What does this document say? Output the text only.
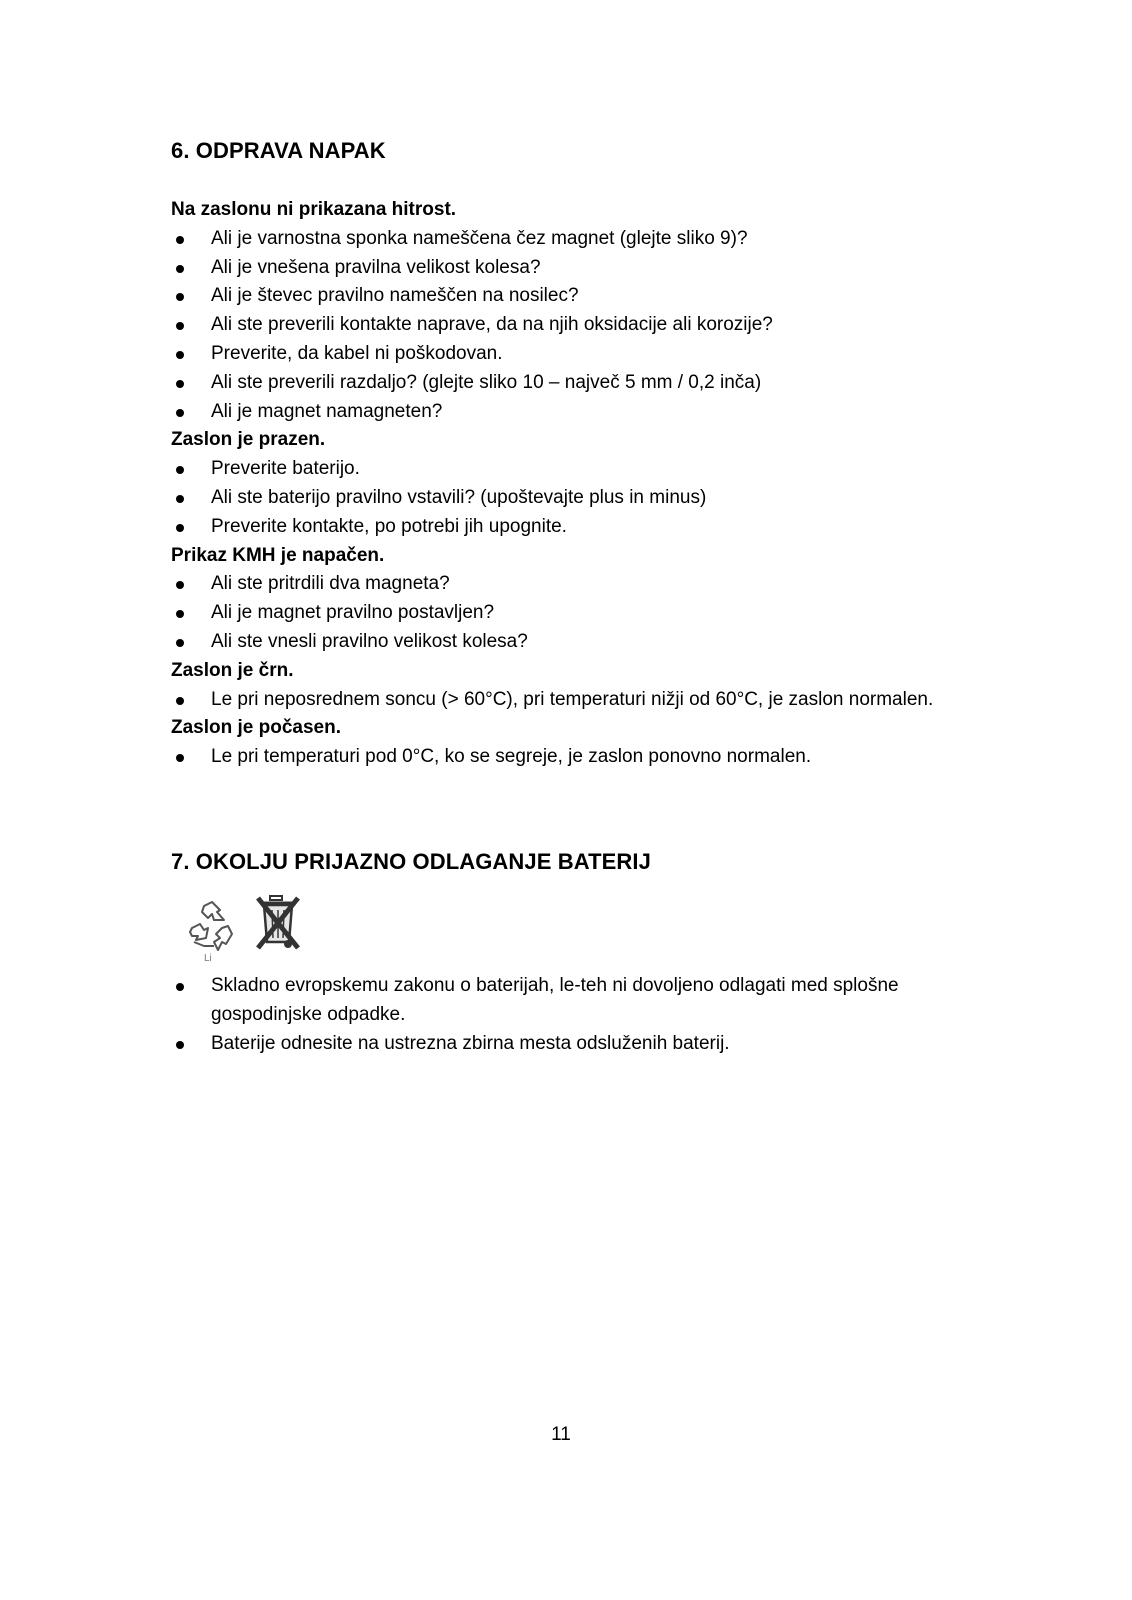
6. ODPRAVA NAPAK

Na zaslonu ni prikazana hitrost.

Ali je varnostna sponka nameščena čez magnet (glejte sliko 9)?
Ali je vnešena pravilna velikost kolesa?
Ali je števec pravilno nameščen na nosilec?
Ali ste preverili kontakte naprave, da na njih oksidacije ali korozije?
Preverite, da kabel ni poškodovan.
Ali ste preverili razdaljo? (glejte sliko 10 – največ 5 mm / 0,2 inča)
Ali je magnet namagneten?

Zaslon je prazen.

Preverite baterijo.
Ali ste baterijo pravilno vstavili? (upoštevajte plus in minus)
Preverite kontakte, po potrebi jih upognite.

Prikaz KMH je napačen.

Ali ste pritrdili dva magneta?
Ali je magnet pravilno postavljen?
Ali ste vnesli pravilno velikost kolesa?

Zaslon je črn.

Le pri neposrednem soncu (> 60°C), pri temperaturi nižji od 60°C, je zaslon normalen.

Zaslon je počasen.

Le pri temperaturi pod 0°C, ko se segreje, je zaslon ponovno normalen.
7. OKOLJU PRIJAZNO ODLAGANJE BATERIJ
Li
Skladno evropskemu zakonu o baterijah, le-teh ni dovoljeno odlagati med splošne gospodinjske odpadke.
Baterije odnesite na ustrezna zbirna mesta odsluženih baterij.
11
